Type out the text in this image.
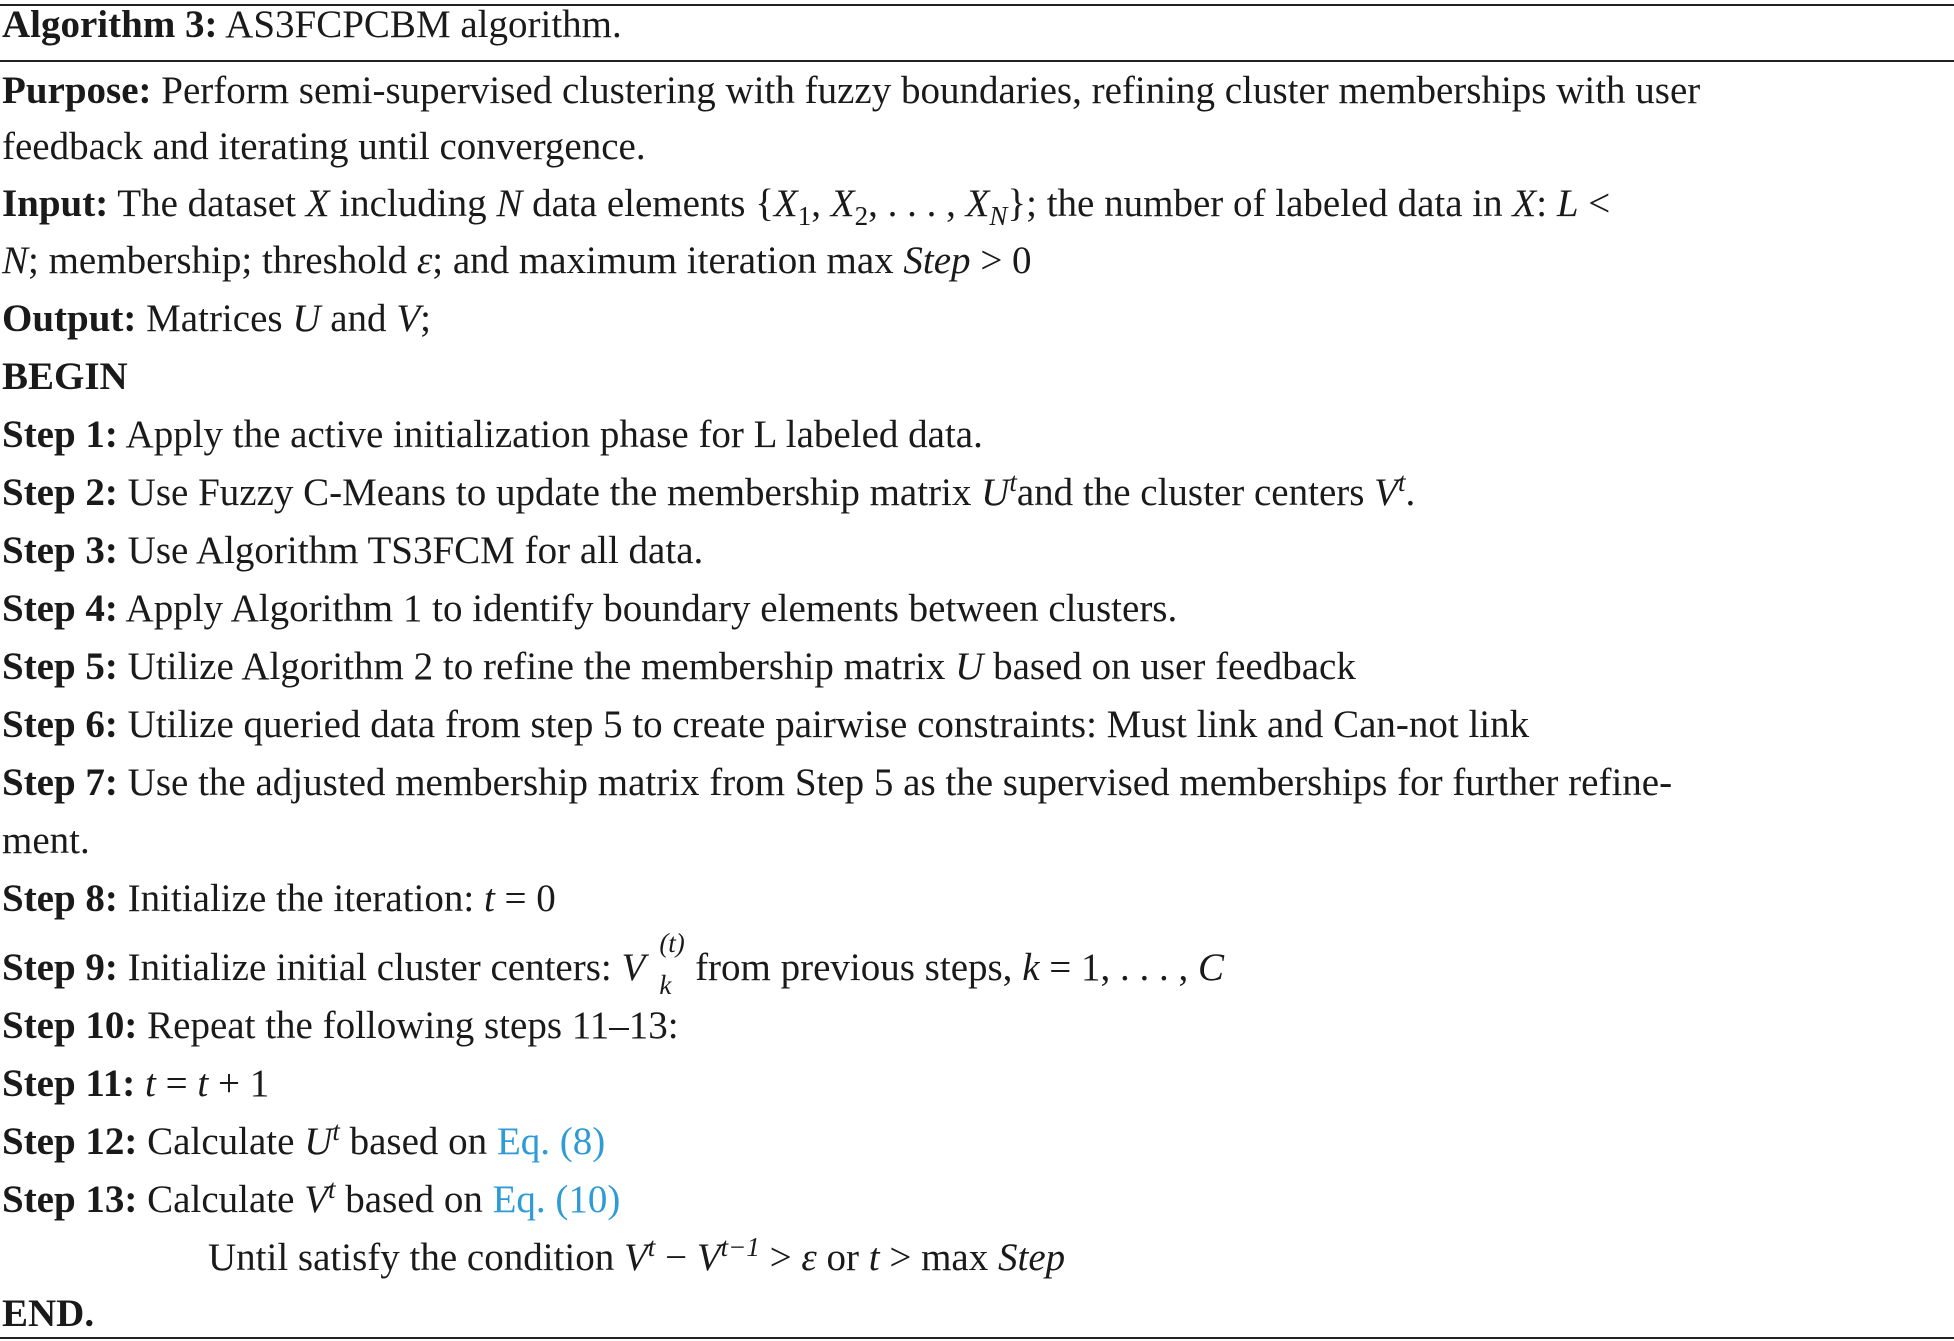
Algorithm 3: AS3FCPCBM algorithm.
Purpose: Perform semi-supervised clustering with fuzzy boundaries, refining cluster memberships with user
feedback and iterating until convergence.
Input: The dataset X including N data elements {$X_1$, $X_2$, . . . , $X_N$}; the number of labeled data in X: L <
N; membership; threshold ε; and maximum iteration max Step > 0
Output: Matrices U and V;
BEGIN
Step 1: Apply the active initialization phase for L labeled data.
Step 2: Use Fuzzy C-Means to update the membership matrix $U^tand$ the cluster centers $V^t$.
Step 3: Use Algorithm TS3FCM for all data.
Step 4: Apply Algorithm 1 to identify boundary elements between clusters.
Step 5: Utilize Algorithm 2 to refine the membership matrix U based on user feedback
Step 6: Utilize queried data from step 5 to create pairwise constraints: Must link and Can-not link
Step 7: Use the adjusted membership matrix from Step 5 as the supervised memberships for further refine-
ment.
Step 8: Initialize the iteration: t = 0
Step 9: Initialize initial cluster centers: V
(t)
k from previous steps, k = 1, . . . , C
Step 10: Repeat the following steps 11–13:
Step 11: t = t + 1
Step 12: Calculate $U^t$ based on Eq. (8)
Step 13: Calculate $V^t$ based on Eq. (10)
Until satisfy the condition $V^t - V^{t-1} > \varepsilon$ or t > max Step
END.
